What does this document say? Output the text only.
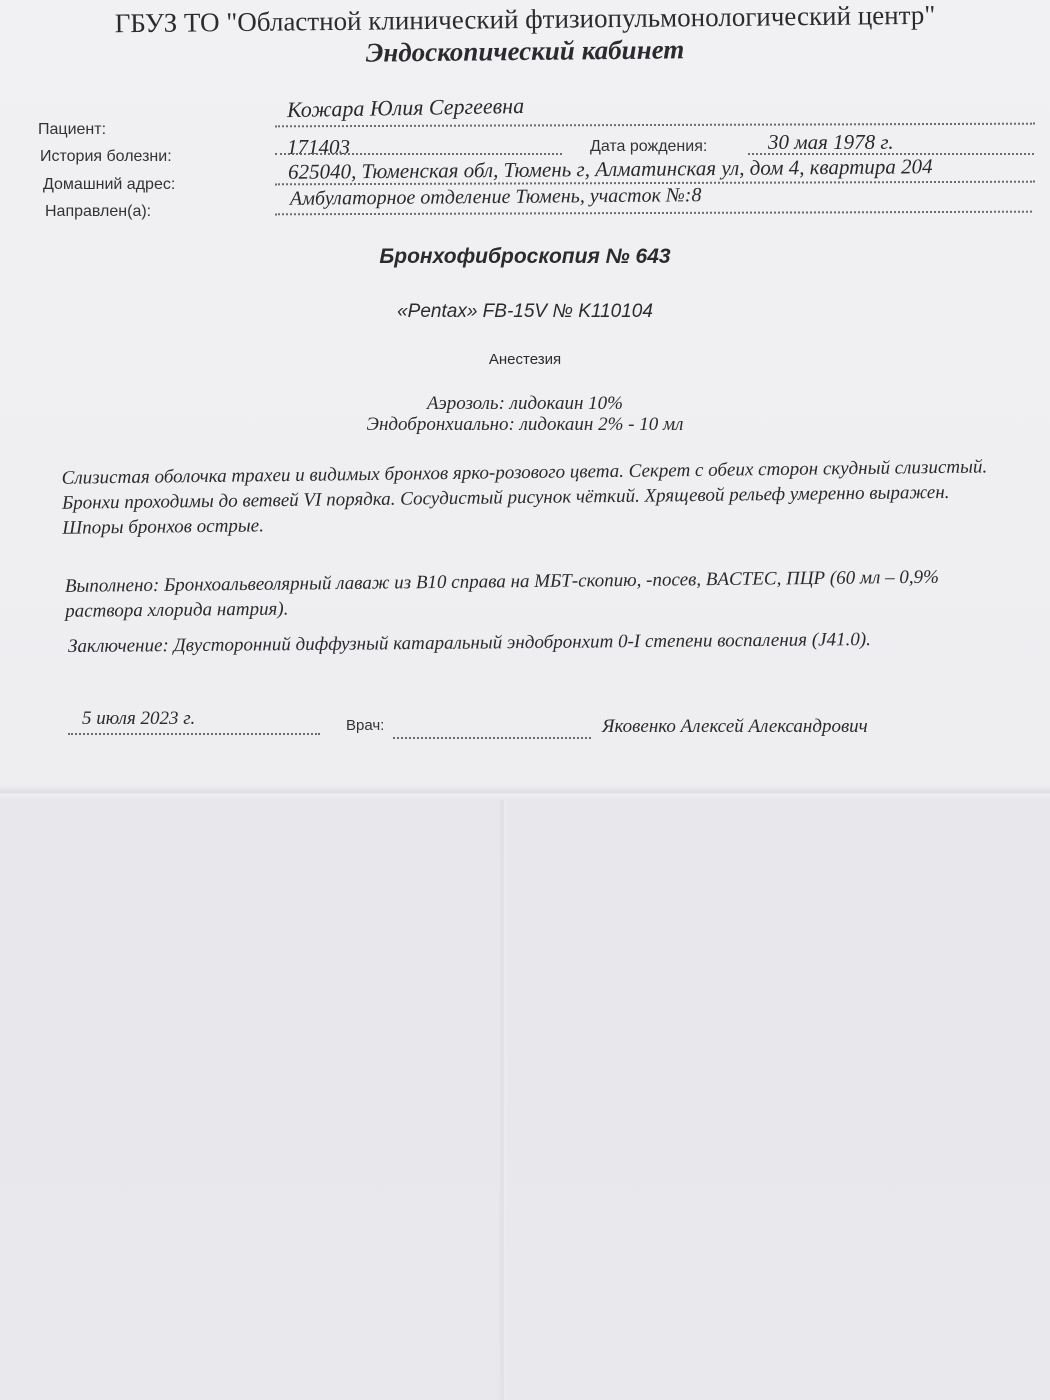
ГБУЗ ТО "Областной клинический фтизиопульмонологический центр"
Эндоскопический кабинет
Пациент:
Кожара Юлия Сергеевна
История болезни:	171403	Дата рождения:	30 мая 1978 г.
Домашний адрес:
625040, Тюменская обл, Тюмень г, Алматинская ул, дом 4, квартира 204
Направлен(а):
Амбулаторное отделение Тюмень, участок №:8
Бронхофиброскопия № 643
«Pentax» FB-15V № K110104
Анестезия
Аэрозоль: лидокаин 10%
Эндобронхиально: лидокаин 2% - 10 мл
Слизистая оболочка трахеи и видимых бронхов ярко-розового цвета. Секрет с обеих сторон скудный слизистый. Бронхи проходимы до ветвей VI порядка. Сосудистый рисунок чёткий. Хрящевой рельеф умеренно выражен. Шпоры бронхов острые.
Выполнено: Бронхоальвеолярный лаваж из В10 справа на МБТ-скопию, -посев, BACTEC, ПЦР (60 мл – 0,9% раствора хлорида натрия).
Заключение: Двусторонний диффузный катаральный эндобронхит 0-I степени воспаления (J41.0).
5 июля 2023 г.	Врач:	Яковенко Алексей Александрович
